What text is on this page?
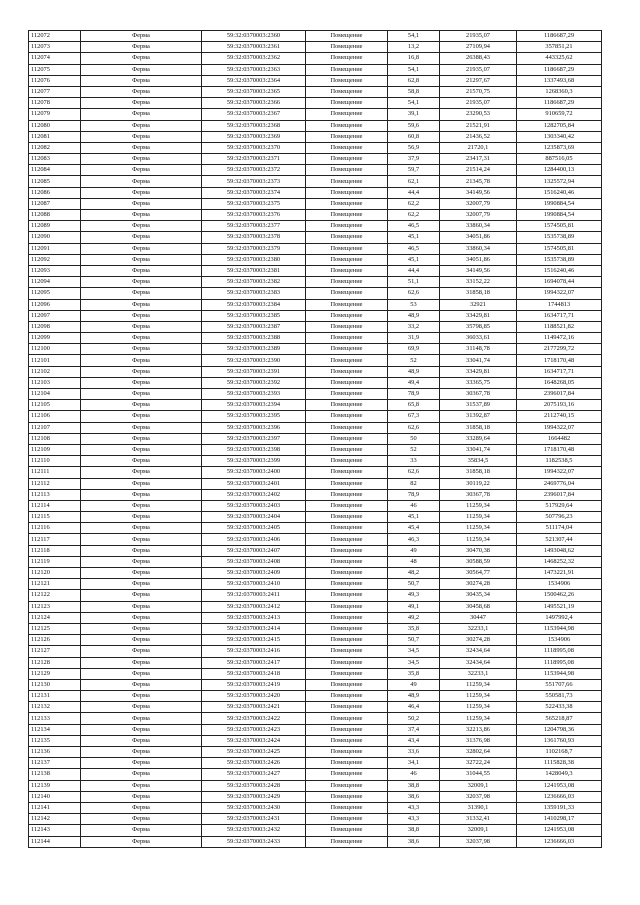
112072	Ферма	59:32:0370003:2360	Помещение	54,1	21935,07	1186687,29
112073	Ферма	59:32:0370003:2361	Помещение	13,2	27109,94	357851,21
112074	Ферма	59:32:0370003:2362	Помещение	16,8	26388,43	443325,62
112075	Ферма	59:32:0370003:2363	Помещение	54,1	21935,07	1186687,29
112076	Ферма	59:32:0370003:2364	Помещение	62,8	21297,67	1337493,68
112077	Ферма	59:32:0370003:2365	Помещение	58,8	21570,75	1268360,3
112078	Ферма	59:32:0370003:2366	Помещение	54,1	21935,07	1186687,29
112079	Ферма	59:32:0370003:2367	Помещение	39,1	23290,53	910659,72
112080	Ферма	59:32:0370003:2368	Помещение	59,6	21521,91	1282705,84
112081	Ферма	59:32:0370003:2369	Помещение	60,8	21436,52	1303340,42
112082	Ферма	59:32:0370003:2370	Помещение	56,9	21720,1	1235873,69
112083	Ферма	59:32:0370003:2371	Помещение	37,9	23417,31	887516,05
112084	Ферма	59:32:0370003:2372	Помещение	59,7	21514,24	1284400,13
112085	Ферма	59:32:0370003:2373	Помещение	62,1	21345,78	1325572,94
112086	Ферма	59:32:0370003:2374	Помещение	44,4	34149,56	1516240,46
112087	Ферма	59:32:0370003:2375	Помещение	62,2	32007,79	1990884,54
112088	Ферма	59:32:0370003:2376	Помещение	62,2	32007,79	1990884,54
112089	Ферма	59:32:0370003:2377	Помещение	46,5	33860,34	1574505,81
112090	Ферма	59:32:0370003:2378	Помещение	45,1	34051,86	1535738,89
112091	Ферма	59:32:0370003:2379	Помещение	46,5	33860,34	1574505,81
112092	Ферма	59:32:0370003:2380	Помещение	45,1	34051,86	1535738,89
112093	Ферма	59:32:0370003:2381	Помещение	44,4	34149,56	1516240,46
112094	Ферма	59:32:0370003:2382	Помещение	51,1	33152,22	1694078,44
112095	Ферма	59:32:0370003:2383	Помещение	62,6	31858,18	1994322,07
112096	Ферма	59:32:0370003:2384	Помещение	53	32921	1744813
112097	Ферма	59:32:0370003:2385	Помещение	48,9	33429,81	1634717,71
112098	Ферма	59:32:0370003:2387	Помещение	33,2	35798,85	1188521,82
112099	Ферма	59:32:0370003:2388	Помещение	31,9	36033,61	1149472,16
112100	Ферма	59:32:0370003:2389	Помещение	69,9	31148,78	2177299,72
112101	Ферма	59:32:0370003:2390	Помещение	52	33041,74	1718170,48
112102	Ферма	59:32:0370003:2391	Помещение	48,9	33429,81	1634717,71
112103	Ферма	59:32:0370003:2392	Помещение	49,4	33365,75	1648268,05
112104	Ферма	59:32:0370003:2393	Помещение	78,9	30367,78	2396017,84
112105	Ферма	59:32:0370003:2394	Помещение	65,8	31537,89	2075193,16
112106	Ферма	59:32:0370003:2395	Помещение	67,3	31392,87	2112740,15
112107	Ферма	59:32:0370003:2396	Помещение	62,6	31858,18	1994322,07
112108	Ферма	59:32:0370003:2397	Помещение	50	33289,64	1664482
112109	Ферма	59:32:0370003:2398	Помещение	52	33041,74	1718170,48
112110	Ферма	59:32:0370003:2399	Помещение	33	35834,5	1182538,5
112111	Ферма	59:32:0370003:2400	Помещение	62,6	31858,18	1994322,07
112112	Ферма	59:32:0370003:2401	Помещение	82	30119,22	2469776,04
112113	Ферма	59:32:0370003:2402	Помещение	78,9	30367,78	2396017,84
112114	Ферма	59:32:0370003:2403	Помещение	46	11259,34	517929,64
112115	Ферма	59:32:0370003:2404	Помещение	45,1	11259,34	507796,23
112116	Ферма	59:32:0370003:2405	Помещение	45,4	11259,34	511174,04
112117	Ферма	59:32:0370003:2406	Помещение	46,3	11259,34	521307,44
112118	Ферма	59:32:0370003:2407	Помещение	49	30470,38	1493048,62
112119	Ферма	59:32:0370003:2408	Помещение	48	30588,59	1468252,32
112120	Ферма	59:32:0370003:2409	Помещение	48,2	30564,77	1473221,91
112121	Ферма	59:32:0370003:2410	Помещение	50,7	30274,28	1534906
112122	Ферма	59:32:0370003:2411	Помещение	49,3	30435,34	1500462,26
112123	Ферма	59:32:0370003:2412	Помещение	49,1	30458,68	1495521,19
112124	Ферма	59:32:0370003:2413	Помещение	49,2	30447	1497992,4
112125	Ферма	59:32:0370003:2414	Помещение	35,8	32233,1	1153944,98
112126	Ферма	59:32:0370003:2415	Помещение	50,7	30274,28	1534906
112127	Ферма	59:32:0370003:2416	Помещение	34,5	32434,64	1118995,08
112128	Ферма	59:32:0370003:2417	Помещение	34,5	32434,64	1118995,08
112129	Ферма	59:32:0370003:2418	Помещение	35,8	32233,1	1153944,98
112130	Ферма	59:32:0370003:2419	Помещение	49	11259,34	551707,66
112131	Ферма	59:32:0370003:2420	Помещение	48,9	11259,34	550581,73
112132	Ферма	59:32:0370003:2421	Помещение	46,4	11259,34	522433,38
112133	Ферма	59:32:0370003:2422	Помещение	50,2	11259,34	565218,87
112134	Ферма	59:32:0370003:2423	Помещение	37,4	32213,86	1204798,36
112135	Ферма	59:32:0370003:2424	Помещение	43,4	31376,98	1361760,93
112136	Ферма	59:32:0370003:2425	Помещение	33,6	32802,64	1102168,7
112137	Ферма	59:32:0370003:2426	Помещение	34,1	32722,24	1115828,38
112138	Ферма	59:32:0370003:2427	Помещение	46	31044,55	1428049,3
112139	Ферма	59:32:0370003:2428	Помещение	38,8	32009,1	1241953,08
112140	Ферма	59:32:0370003:2429	Помещение	38,6	32037,98	1236666,03
112141	Ферма	59:32:0370003:2430	Помещение	43,3	31390,1	1359191,33
112142	Ферма	59:32:0370003:2431	Помещение	43,3	31332,41	1410298,17
112143	Ферма	59:32:0370003:2432	Помещение	38,8	32009,1	1241953,08
112144	Ферма	59:32:0370003:2433	Помещение	38,6	32037,98	1236666,03
